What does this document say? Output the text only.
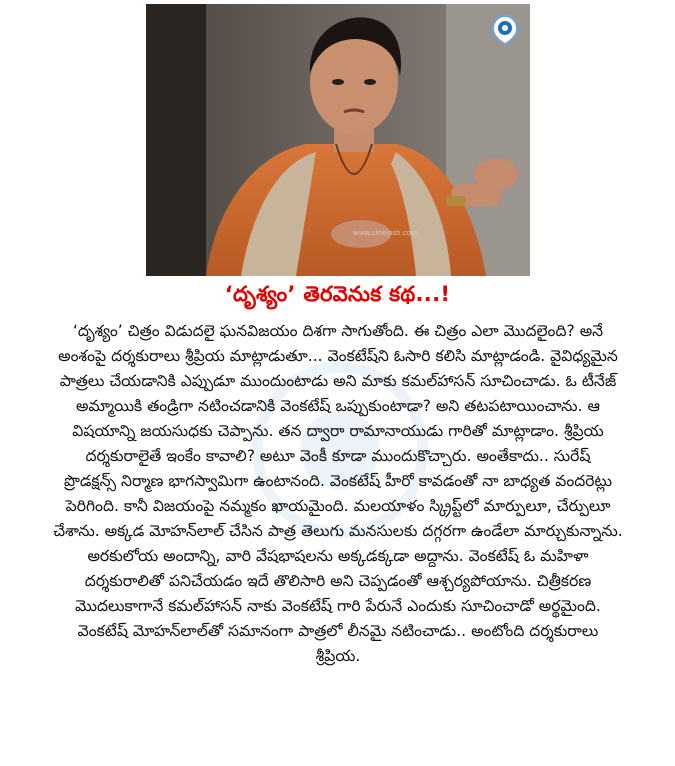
www.cinejosh.com
‘దృశ్యం’ తెరవెనుక కథ...!
‘దృశ్యం’ చిత్రం విడుదలై ఘనవిజయం దిశగా సాగుతోంది. ఈ చిత్రం ఎలా మొదలైంది? అనే
అంశంపై దర్శకురాలు శ్రీప్రియ మాట్లాడుతూ... వెంకటేష్‌ని ఓసారి కలిసి మాట్లాడండి. వైవిధ్యమైన
పాత్రలు చేయడానికి ఎప్పుడూ ముందుంటాడు అని మాకు కమల్‌హాసన్ సూచించాడు. ఓ టీనేజ్
అమ్మాయికి తండ్రిగా నటించడానికి వెంకటేష్ ఒప్పుకుంటాడా? అని తటపటాయించాను. ఆ
విషయాన్ని జయసుధకు చెప్పాను. తన ద్వారా రామానాయుడు గారితో మాట్లాడాం. శ్రీప్రియ
దర్శకురాలైతే ఇంకేం కావాలి? అటూ వెంకీ కూడా ముందుకొచ్చారు. అంతేకాదు.. సురేష్
ప్రొడక్షన్స్ నిర్మాణ భాగస్వామిగా ఉంటానంది. వెంకటేష్ హీరో కావడంతో నా బాధ్యత వందరెట్లు
పెరిగింది. కానీ విజయంపై నమ్మకం ఖాయమైంది. మలయాళం స్క్రిప్ట్‌లో మార్పులూ, చేర్పులూ
చేశాను. అక్కడ మోహన్‌లాల్ చేసిన పాత్ర తెలుగు మనసులకు దగ్గరగా ఉండేలా మార్చుకున్నాను.
అరకులోయ అందాన్ని, వారి వేషభాషలను అక్కడక్కడా అద్దాను. వెంకటేష్ ఓ మహిళా
దర్శకురాలితో పనిచేయడం ఇదే తొలిసారి అని చెప్పడంతో ఆశ్చర్యపోయాను. చిత్రీకరణ
మొదలుకాగానే కమల్‌హాసన్ నాకు వెంకటేష్ గారి పేరునే ఎందుకు సూచించాడో అర్థమైంది.
వెంకటేష్ మోహన్‌లాల్‌తో సమానంగా పాత్రలో లీనమై నటించాడు.. అంటోంది దర్శకురాలు
శ్రీప్రియ.
